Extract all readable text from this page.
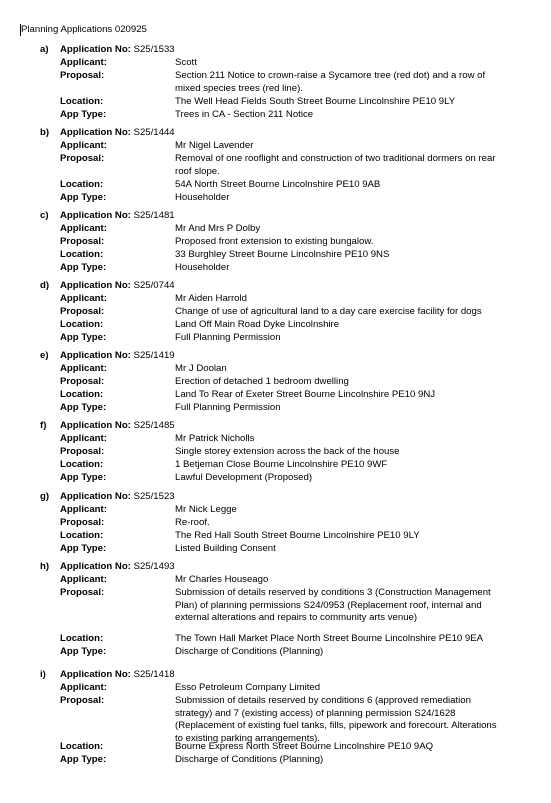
Planning Applications 020925
a) Application No: S25/1533
Applicant:	Scott
Proposal:	Section 211 Notice to crown-raise a Sycamore tree (red dot) and a row of mixed species trees (red line).
Location:	The Well Head Fields South Street Bourne Lincolnshire PE10 9LY
App Type:	Trees in CA - Section 211 Notice
b) Application No: S25/1444
Applicant:	Mr Nigel Lavender
Proposal:	Removal of one rooflight and construction of two traditional dormers on rear roof slope.
Location:	54A North Street Bourne Lincolnshire PE10 9AB
App Type:	Householder
c) Application No: S25/1481
Applicant:	Mr And Mrs P Dolby
Proposal:	Proposed front extension to existing bungalow.
Location:	33 Burghley Street Bourne Lincolnshire PE10 9NS
App Type:	Householder
d) Application No: S25/0744
Applicant:	Mr Aiden Harrold
Proposal:	Change of use of agricultural land to a day care exercise facility for dogs
Location:	Land Off Main Road Dyke Lincolnshire
App Type:	Full Planning Permission
e) Application No: S25/1419
Applicant:	Mr J Doolan
Proposal:	Erection of detached 1 bedroom dwelling
Location:	Land To Rear of Exeter Street Bourne Lincolnshire PE10 9NJ
App Type:	Full Planning Permission
f) Application No: S25/1485
Applicant:	Mr Patrick Nicholls
Proposal:	Single storey extension across the back of the house
Location:	1 Betjeman Close Bourne Lincolnshire PE10 9WF
App Type:	Lawful Development (Proposed)
g) Application No: S25/1523
Applicant:	Mr Nick Legge
Proposal:	Re-roof.
Location:	The Red Hall South Street Bourne Lincolnshire PE10 9LY
App Type:	Listed Building Consent
h) Application No: S25/1493
Applicant:	Mr Charles Houseago
Proposal:	Submission of details reserved by conditions 3 (Construction Management Plan) of planning permissions S24/0953 (Replacement roof, internal and external alterations and repairs to community arts venue)
Location:	The Town Hall Market Place North Street Bourne Lincolnshire PE10 9EA
App Type:	Discharge of Conditions (Planning)
i) Application No: S25/1418
Applicant:	Esso Petroleum Company Limited
Proposal:	Submission of details reserved by conditions 6 (approved remediation strategy) and 7 (existing access) of planning permission S24/1628 (Replacement of existing fuel tanks, fills, pipework and forecourt. Alterations to existing parking arrangements).
Location:	Bourne Express North Street Bourne Lincolnshire PE10 9AQ
App Type:	Discharge of Conditions (Planning)
